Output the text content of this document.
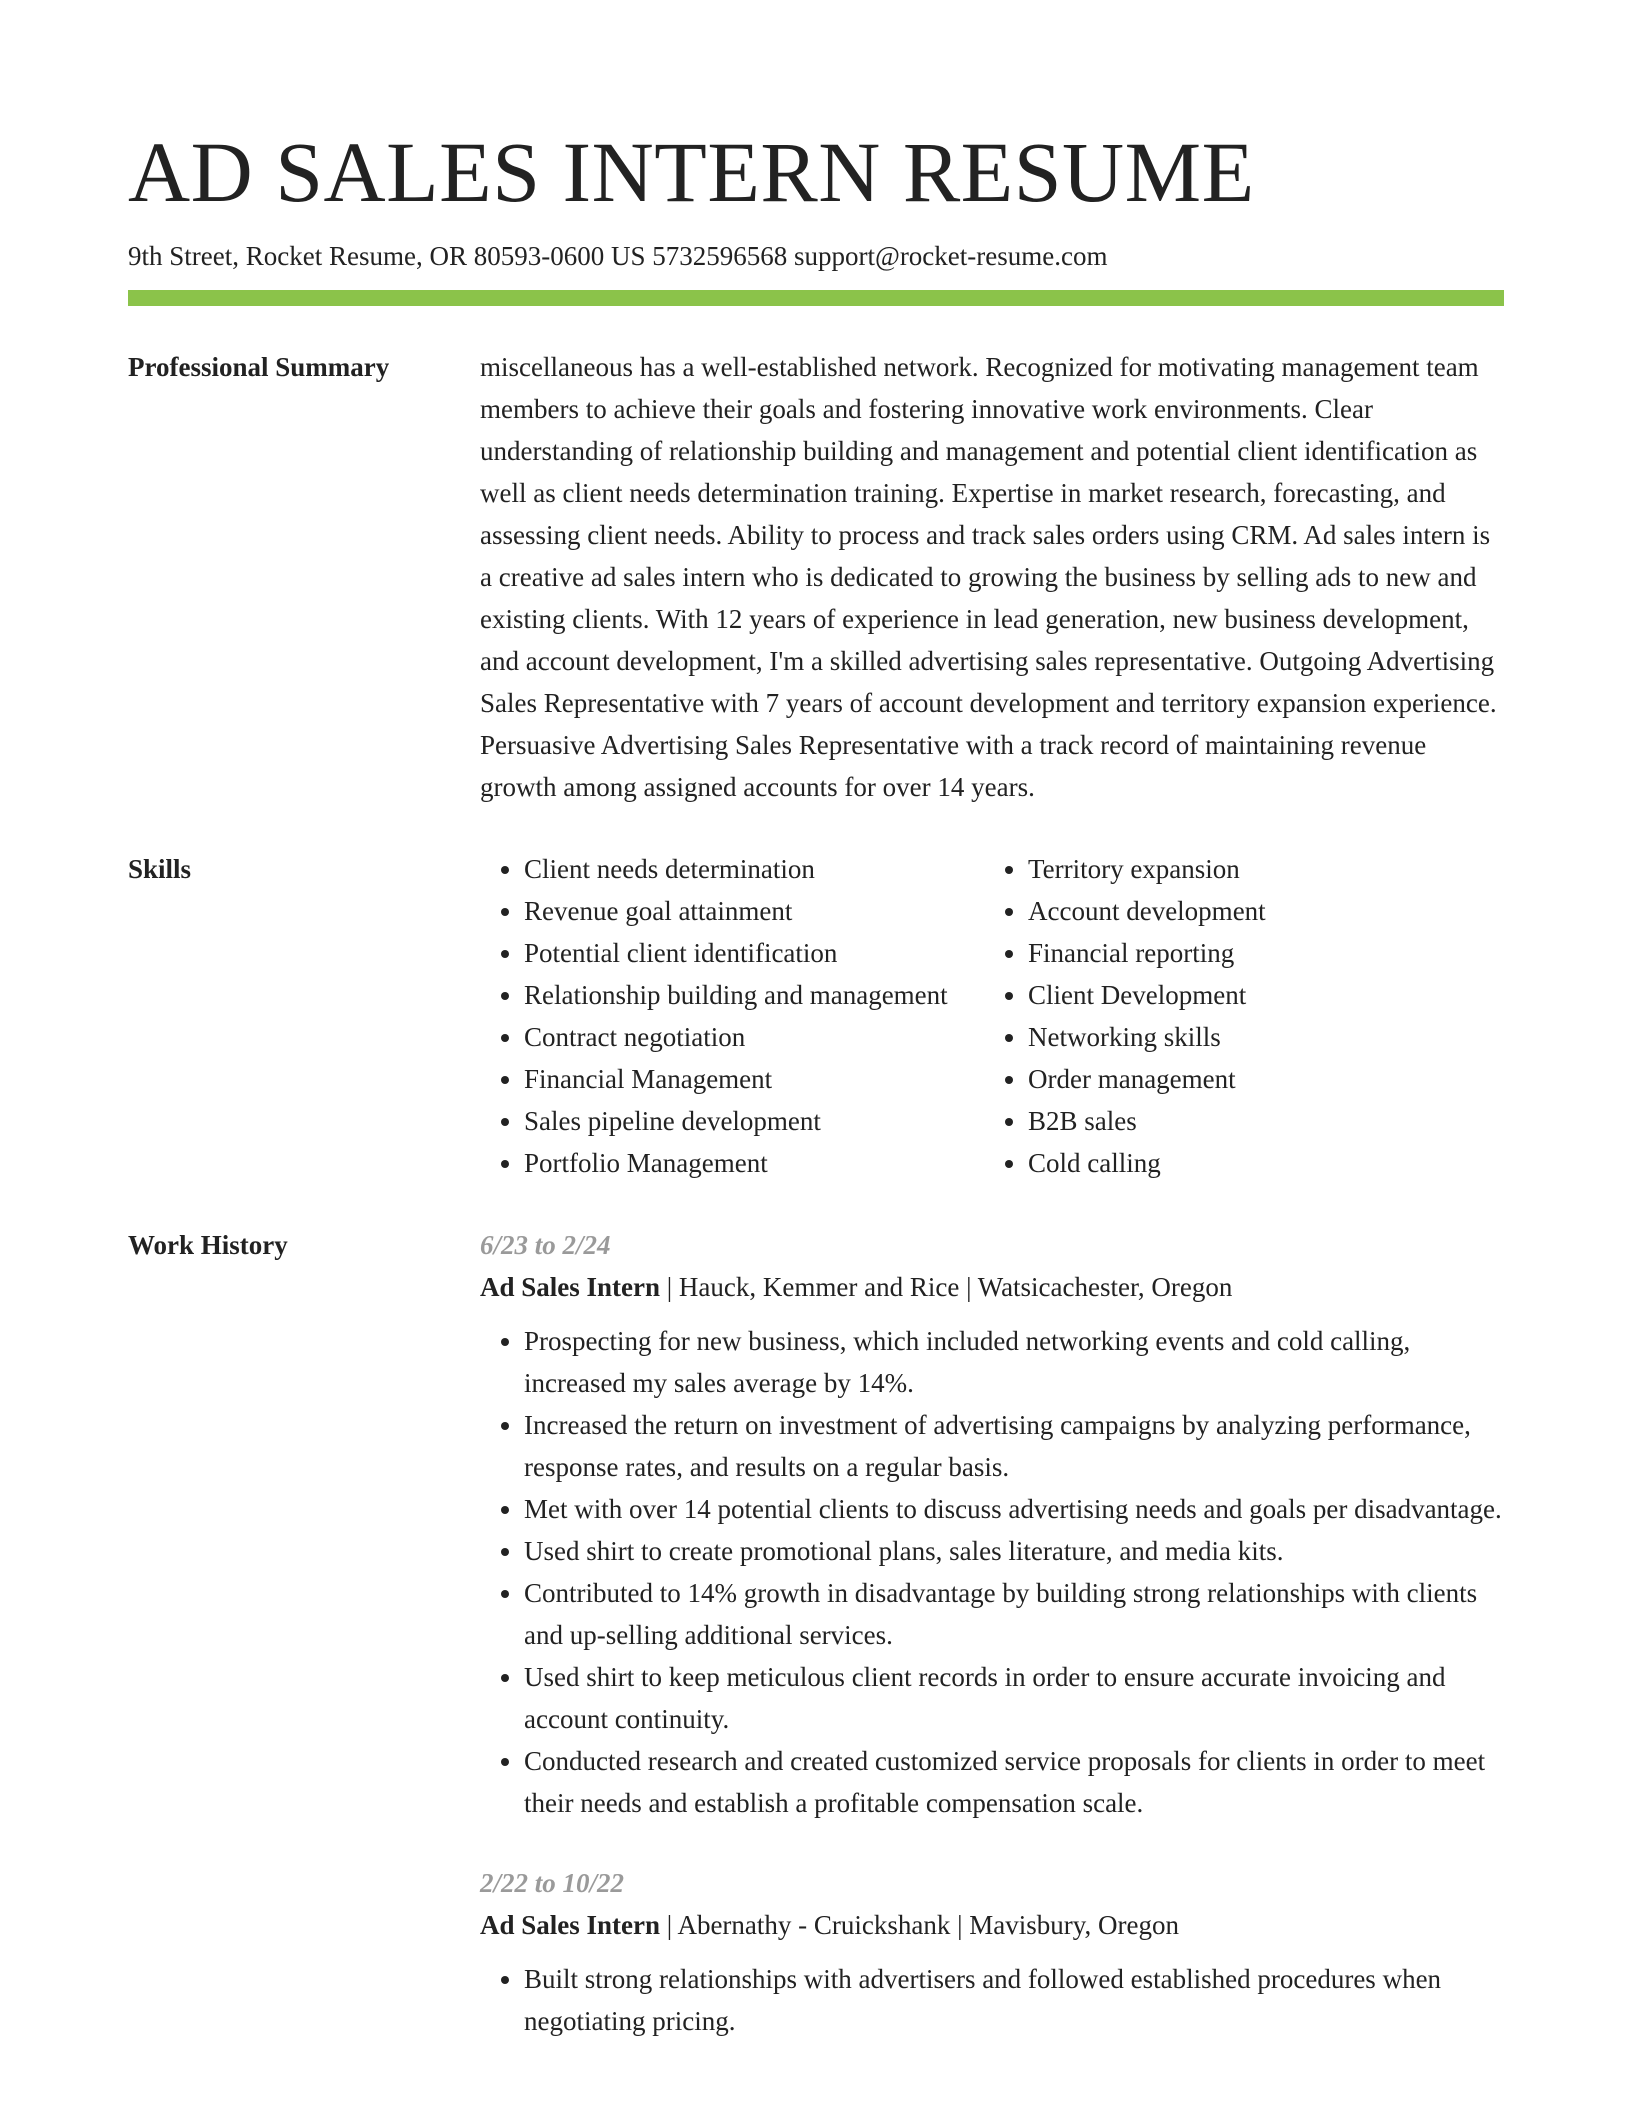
AD SALES INTERN RESUME
9th Street, Rocket Resume, OR 80593-0600 US 5732596568 support@rocket-resume.com
Professional Summary	miscellaneous has a well-established network. Recognized for motivating management team members to achieve their goals and fostering innovative work environments. Clear understanding of relationship building and management and potential client identification as well as client needs determination training. Expertise in market research, forecasting, and assessing client needs. Ability to process and track sales orders using CRM. Ad sales intern is a creative ad sales intern who is dedicated to growing the business by selling ads to new and existing clients. With 12 years of experience in lead generation, new business development, and account development, I'm a skilled advertising sales representative. Outgoing Advertising Sales Representative with 7 years of account development and territory expansion experience. Persuasive Advertising Sales Representative with a track record of maintaining revenue growth among assigned accounts for over 14 years.

Skills
•	Client needs determination
• Revenue goal attainment
• Potential client identification
• Relationship building and management
• Contract negotiation
• Financial Management
• Sales pipeline development
• Portfolio Management
• Territory expansion
• Account development
• Financial reporting
• Client Development
• Networking skills
• Order management
• B2B sales
• Cold calling
Work History	6/23 to 2/24
Ad Sales Intern | Hauck, Kemmer and Rice | Watsicachester, Oregon
• Prospecting for new business, which included networking events and cold calling, increased my sales average by 14%.
• Increased the return on investment of advertising campaigns by analyzing performance, response rates, and results on a regular basis.
• Met with over 14 potential clients to discuss advertising needs and goals per disadvantage.
• Used shirt to create promotional plans, sales literature, and media kits.
• Contributed to 14% growth in disadvantage by building strong relationships with clients and up-selling additional services.
• Used shirt to keep meticulous client records in order to ensure accurate invoicing and account continuity.
• Conducted research and created customized service proposals for clients in order to meet their needs and establish a profitable compensation scale.
2/22 to 10/22
Ad Sales Intern | Abernathy - Cruickshank | Mavisbury, Oregon
• Built strong relationships with advertisers and followed established procedures when negotiating pricing.
